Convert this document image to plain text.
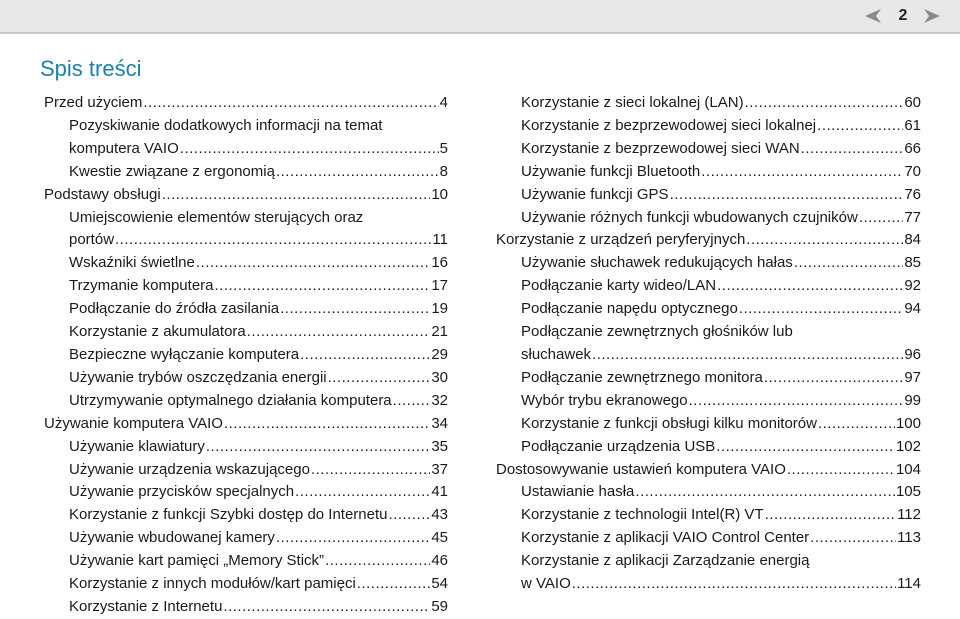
2
Spis treści
Przed użyciem .....	4
Pozyskiwanie dodatkowych informacji na temat
komputera VAIO .....	5
Kwestie związane z ergonomią .....	8
Podstawy obsługi .....	10
Umiejscowienie elementów sterujących oraz
portów .....	11
Wskaźniki świetlne .....	16
Trzymanie komputera .....	17
Podłączanie do źródła zasilania .....	19
Korzystanie z akumulatora .....	21
Bezpieczne wyłączanie komputera .....	29
Używanie trybów oszczędzania energii .....	30
Utrzymywanie optymalnego działania komputera .....	32
Używanie komputera VAIO .....	34
Używanie klawiatury .....	35
Używanie urządzenia wskazującego .....	37
Używanie przycisków specjalnych .....	41
Korzystanie z funkcji Szybki dostęp do Internetu .....	43
Używanie wbudowanej kamery .....	45
Używanie kart pamięci „Memory Stick” .....	46
Korzystanie z innych modułów/kart pamięci .....	54
Korzystanie z Internetu .....	59
Korzystanie z sieci lokalnej (LAN) .....	60
Korzystanie z bezprzewodowej sieci lokalnej .....	61
Korzystanie z bezprzewodowej sieci WAN .....	66
Używanie funkcji Bluetooth .....	70
Używanie funkcji GPS .....	76
Używanie różnych funkcji wbudowanych czujników .....	77
Korzystanie z urządzeń peryferyjnych .....	84
Używanie słuchawek redukujących hałas .....	85
Podłączanie karty wideo/LAN .....	92
Podłączanie napędu optycznego .....	94
Podłączanie zewnętrznych głośników lub
słuchawek .....	96
Podłączanie zewnętrznego monitora .....	97
Wybór trybu ekranowego .....	99
Korzystanie z funkcji obsługi kilku monitorów .....	100
Podłączanie urządzenia USB .....	102
Dostosowywanie ustawień komputera VAIO .....	104
Ustawianie hasła .....	105
Korzystanie z technologii Intel(R) VT .....	112
Korzystanie z aplikacji VAIO Control Center .....	113
Korzystanie z aplikacji Zarządzanie energią
w VAIO .....	114
